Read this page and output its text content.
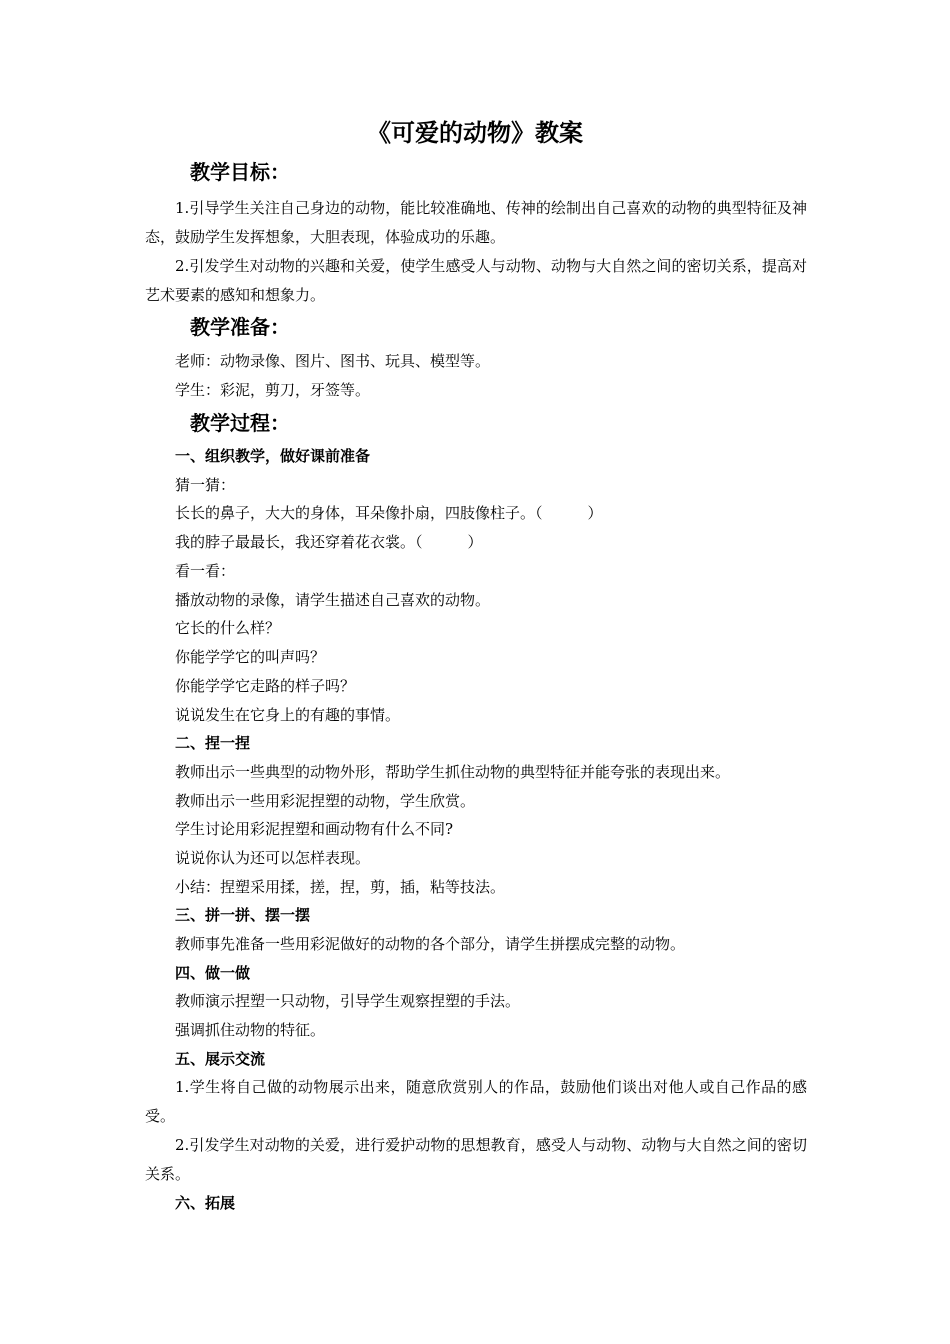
《可爱的动物》教案
教学目标：
1.引导学生关注自己身边的动物，能比较准确地、传神的绘制出自己喜欢的动物的典型特征及神态，鼓励学生发挥想象，大胆表现，体验成功的乐趣。
2.引发学生对动物的兴趣和关爱，使学生感受人与动物、动物与大自然之间的密切关系，提高对艺术要素的感知和想象力。
教学准备：
老师：动物录像、图片、图书、玩具、模型等。
学生：彩泥，剪刀，牙签等。
教学过程：
一、组织教学，做好课前准备
猜一猜：
长长的鼻子，大大的身体，耳朵像扑扇，四肢像柱子。（　　　）
我的脖子最最长，我还穿着花衣裳。（　　　）
看一看：
播放动物的录像，请学生描述自己喜欢的动物。
它长的什么样？
你能学学它的叫声吗？
你能学学它走路的样子吗？
说说发生在它身上的有趣的事情。
二、捏一捏
教师出示一些典型的动物外形，帮助学生抓住动物的典型特征并能夸张的表现出来。
教师出示一些用彩泥捏塑的动物，学生欣赏。
学生讨论用彩泥捏塑和画动物有什么不同?
说说你认为还可以怎样表现。
小结：捏塑采用揉，搓，捏，剪，插，粘等技法。
三、拼一拼、摆一摆
教师事先准备一些用彩泥做好的动物的各个部分，请学生拼摆成完整的动物。
四、做一做
教师演示捏塑一只动物，引导学生观察捏塑的手法。
强调抓住动物的特征。
五、展示交流
1.学生将自己做的动物展示出来，随意欣赏别人的作品，鼓励他们谈出对他人或自己作品的感受。
2.引发学生对动物的关爱，进行爱护动物的思想教育，感受人与动物、动物与大自然之间的密切关系。
六、拓展
